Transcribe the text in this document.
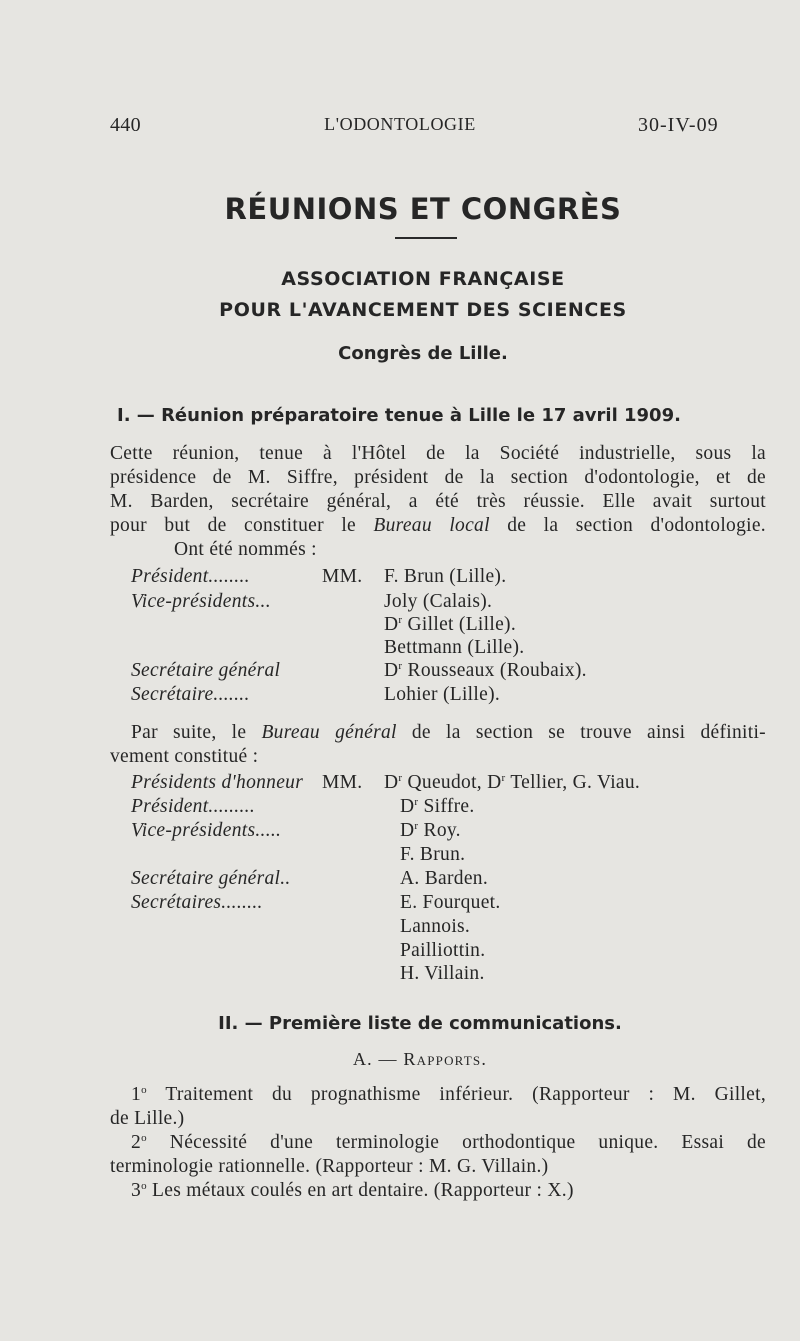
440	L'ODONTOLOGIE	30-IV-09
RÉUNIONS ET CONGRÈS
ASSOCIATION FRANÇAISE
POUR L'AVANCEMENT DES SCIENCES
Congrès de Lille.
I. — Réunion préparatoire tenue à Lille le 17 avril 1909.
Cette réunion, tenue à l'Hôtel de la Société industrielle, sous la
présidence de M. Siffre, président de la section d'odontologie, et de
M. Barden, secrétaire général, a été très réussie. Elle avait surtout
pour but de constituer le Bureau local de la section d'odontologie.
Ont été nommés :
Président........	MM. F. Brun (Lille).
Vice-présidents...	Joly (Calais).
$D^r$ Gillet (Lille).
Bettmann (Lille).
Secrétaire général	$D^r$ Rousseaux (Roubaix).
Secrétaire.......	Lohier (Lille).
Par suite, le Bureau général de la section se trouve ainsi définiti-
vement constitué :
Présidents d'honneur MM. $D^r$ Queudot, $D^r$ Tellier, G. Viau.
Président.........	$D^r$ Siffre.
Vice-présidents.....	$D^r$ Roy.
F. Brun.
Secrétaire général..	A. Barden.
Secrétaires........	E. Fourquet.
Lannois.
Pailliottin.
H. Villain.
II. — Première liste de communications.
A. — Rapports.
1$^o$ Traitement du prognathisme inférieur. (Rapporteur : M. Gillet,
de Lille.)
2$^o$ Nécessité d'une terminologie orthodontique unique. Essai de
terminologie rationnelle. (Rapporteur : M. G. Villain.)
3$^o$ Les métaux coulés en art dentaire. (Rapporteur : X.)
